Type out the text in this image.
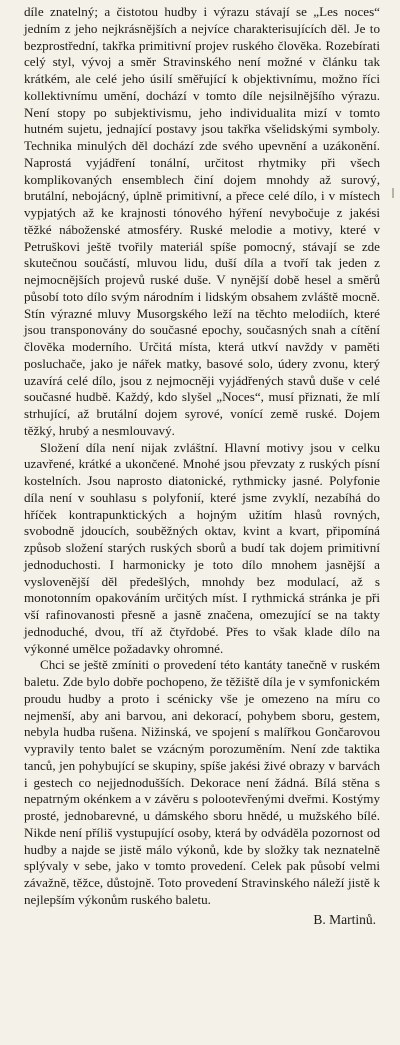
díle znatelný; a čistotou hudby i výrazu stávají se „Les noces“ jedním z jeho nejkrásnějších a nejvíce charakterisujících děl. Je to bezprostřední, takřka primitivní projev ruského člověka. Rozebírati celý styl, vývoj a směr Stravinského není možné v článku tak krátkém, ale celé jeho úsilí směřující k objektivnímu, možno říci kollektivnímu umění, dochází v tomto díle nejsilnějšího výrazu. Není stopy po subjektivismu, jeho individualita mizí v tomto hutném sujetu, jednající postavy jsou takřka všelidskými symboly. Technika minulých děl dochází zde svého upevnění a uzákonění. Naprostá vyjádření tonální, určitost rhytmiky při všech komplikovaných ensemblech činí dojem mnohdy až surový, brutální, nebojácný, úplně primitivní, a přece celé dílo, i v místech vypjatých až ke krajnosti tónového hýření nevybočuje z jakési těžké náboženské atmosféry. Ruské melodie a motivy, které v Petruškovi ještě tvořily materiál spíše pomocný, stávají se zde skutečnou součástí, mluvou lidu, duší díla a tvoří tak jeden z nejmocnějších projevů ruské duše. V nynější době hesel a směrů působí toto dílo svým národním i lidským obsahem zvláště mocně. Stín výrazné mluvy Musorgského leží na těchto melodiích, které jsou transponovány do současné epochy, současných snah a cítění člověka moderního. Určitá místa, která utkví navždy v paměti posluchače, jako je nářek matky, basové solo, údery zvonu, který uzavírá celé dílo, jsou z nejmocněji vyjádřených stavů duše v celé současné hudbě. Každý, kdo slyšel „Noces“, musí přiznati, že mlí strhující, až brutální dojem syrové, vonící země ruské. Dojem těžký, hrubý a nesmlouvavý.

Složení díla není nijak zvláštní. Hlavní motivy jsou v celku uzavřené, krátké a ukončené. Mnohé jsou převzaty z ruských písní kostelních. Jsou naprosto diatonické, rythmicky jasné. Polyfonie díla není v souhlasu s polyfonií, které jsme zvyklí, nezabíhá do hříček kontrapunktických a hojným užitím hlasů rovných, svobodně jdoucích, souběžných oktav, kvint a kvart, připomíná způsob složení starých ruských sborů a budí tak dojem primitivní jednoduchosti. I harmonicky je toto dílo mnohem jasnější a vyslovenější děl předešlých, mnohdy bez modulací, až s monotonním opakováním určitých míst. I rythmická stránka je při vší rafinovanosti přesně a jasně značena, omezující se na takty jednoduché, dvou, tří až čtyřdobé. Přes to však klade dílo na výkonné umělce požadavky ohromné.

Chci se ještě zmíniti o provedení této kantáty tanečně v ruském baletu. Zde bylo dobře pochopeno, že těžiště díla je v symfonickém proudu hudby a proto i scénicky vše je omezeno na míru co nejmenší, aby ani barvou, ani dekorací, pohybem sboru, gestem, nebyla hudba rušena. Nižinská, ve spojení s malířkou Gončarovou vypravily tento balet se vzácným porozuměním. Není zde taktika tanců, jen pohybující se skupiny, spíše jakési živé obrazy v barvách i gestech co nejjednodušších. Dekorace není žádná. Bílá stěna s nepatrným okénkem a v závěru s polootevřenými dveřmi. Kostýmy prosté, jednobarevné, u dámského sboru hnědé, u mužského bílé. Nikde není příliš vystupující osoby, která by odváděla pozornost od hudby a najde se jistě málo výkonů, kde by složky tak neznatelně splývaly v sebe, jako v tomto provedení. Celek pak působí velmi závažně, těžce, důstojně. Toto provedení Stravinského náleží jistě k nejlepším výkonům ruského baletu.

B. Martinů.
